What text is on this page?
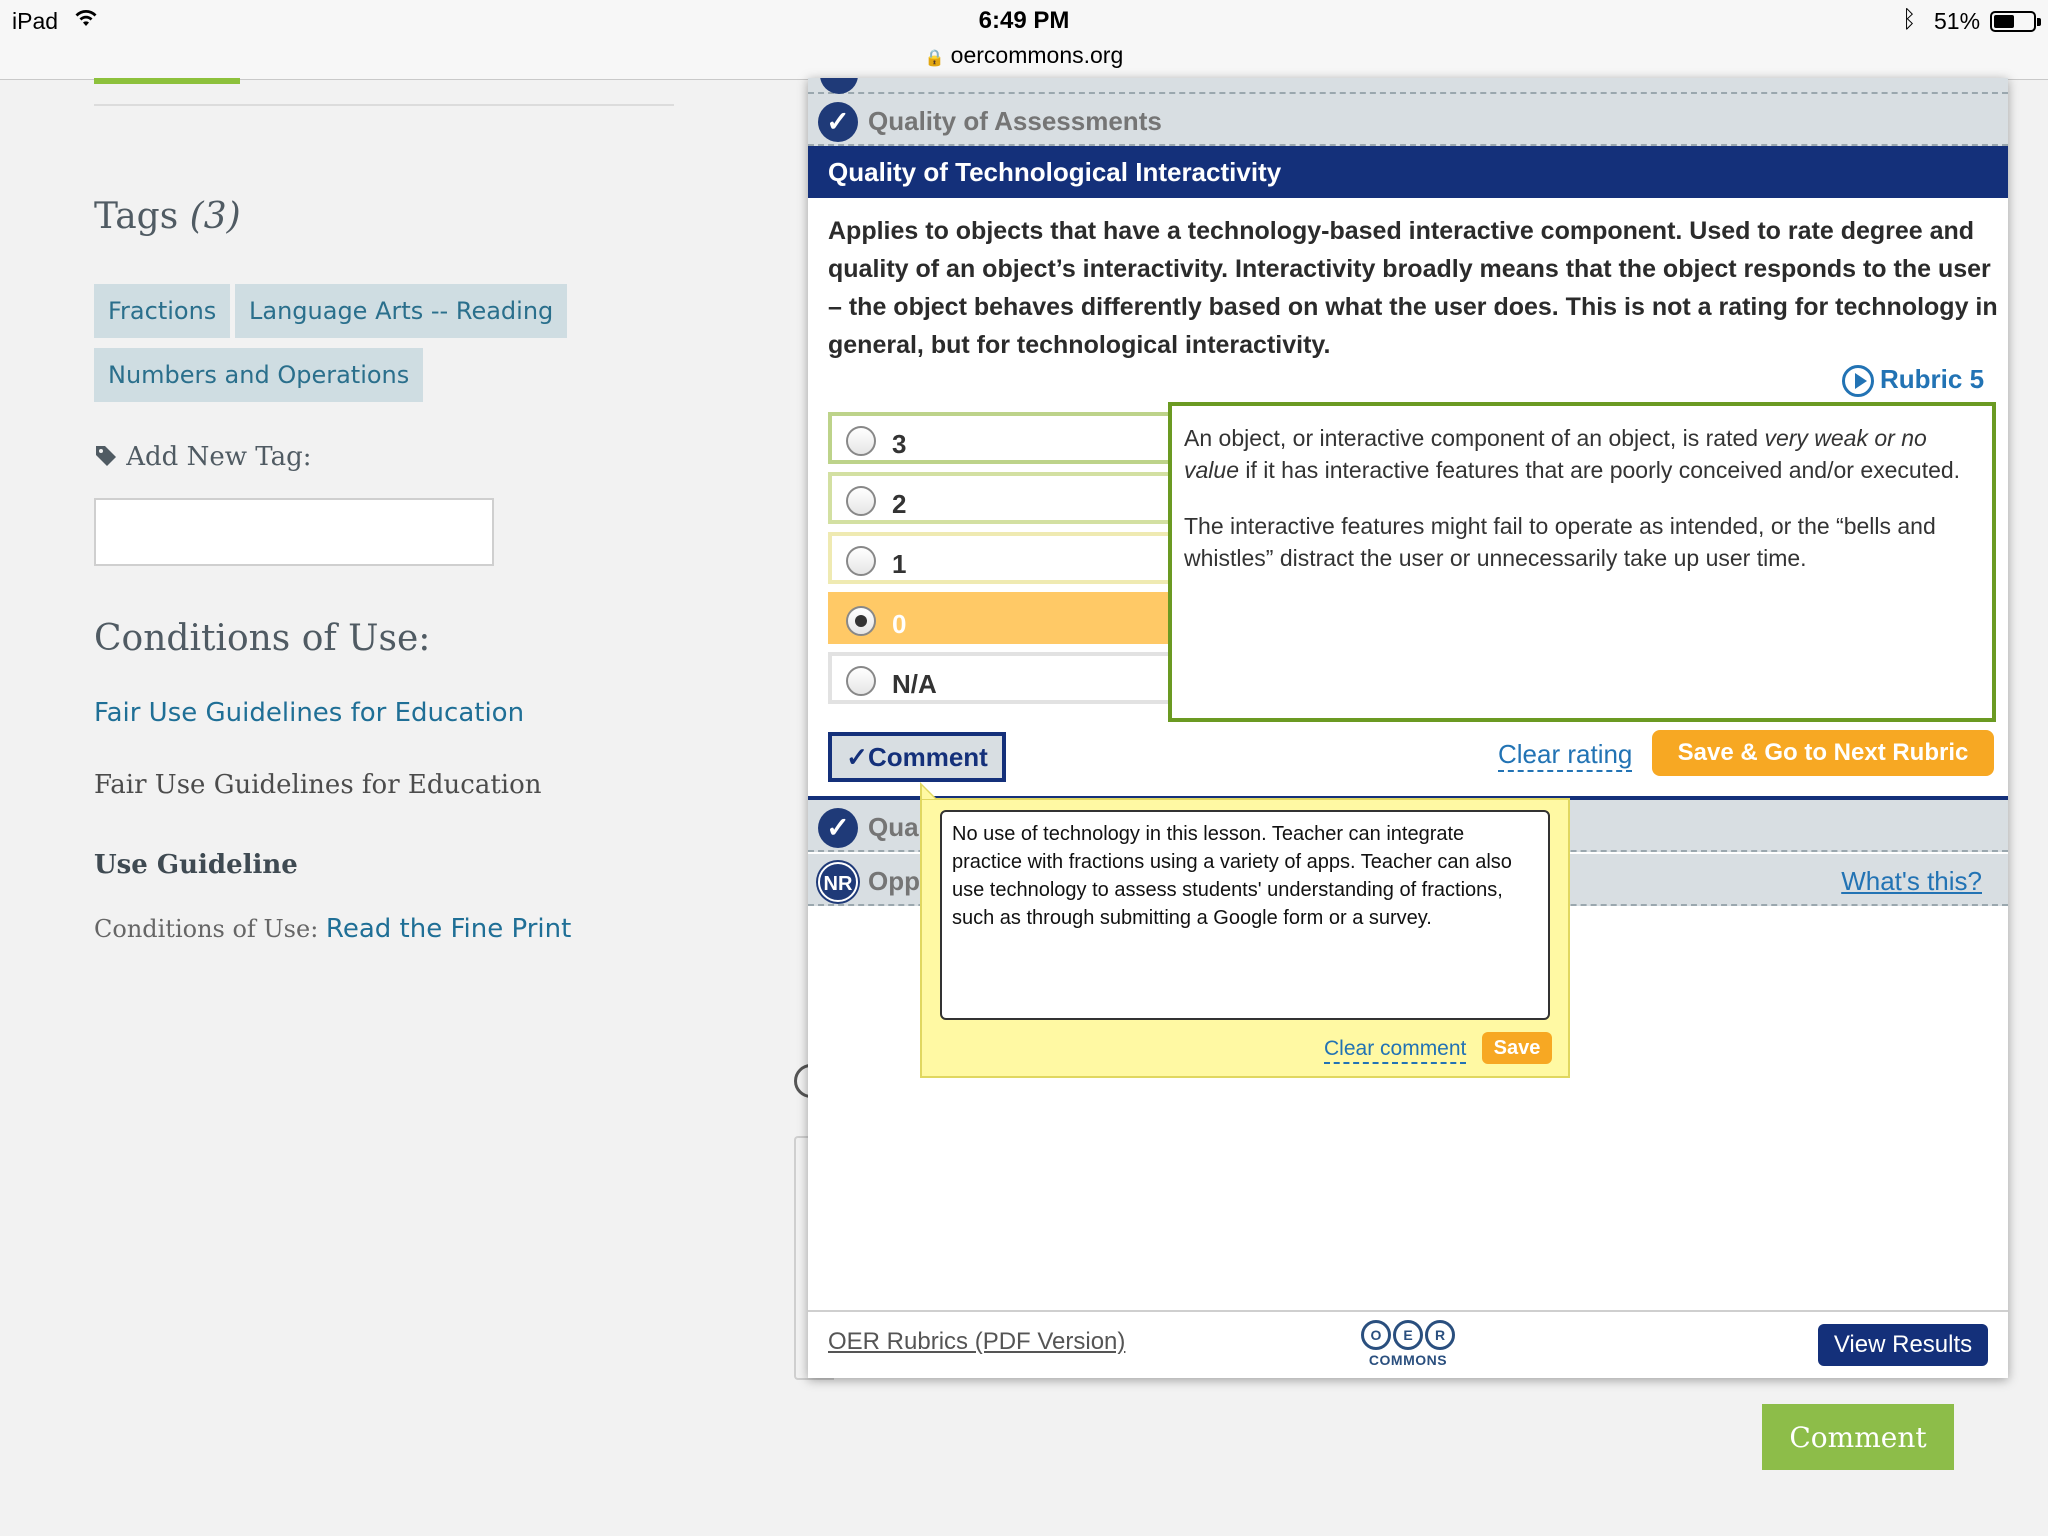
iPad	6:49 PM
🔒 oercommons.org
ᛒ 51%
Tags (3)
Fractions	Language Arts -- Reading
Numbers and Operations
Add New Tag:
Conditions of Use:
Fair Use Guidelines for Education
Fair Use Guidelines for Education
Use Guideline
Conditions of Use: Read the Fine Print
Comment
✓ Quality of Assessments
Quality of Technological Interactivity
Applies to objects that have a technology-based interactive component. Used to rate degree and quality of an object’s interactivity. Interactivity broadly means that the object responds to the user – the object behaves differently based on what the user does. This is not a rating for technology in general, but for technological interactivity.
Rubric 5
3
2
1
0
N/A

An object, or interactive component of an object, is rated very weak or no value if it has interactive features that are poorly conceived and/or executed.

The interactive features might fail to operate as intended, or the “bells and whistles” distract the user or unnecessarily take up user time.

✓Comment	Clear rating	Save & Go to Next Rubric
✓ Qua
NR Opp	What's this?
OER Rubrics (PDF Version)	O	E	R
COMMONS
View Results
No use of technology in this lesson. Teacher can integrate practice with fractions using a variety of apps. Teacher can also use technology to assess students' understanding of fractions, such as through submitting a Google form or a survey.
Clear comment	Save
